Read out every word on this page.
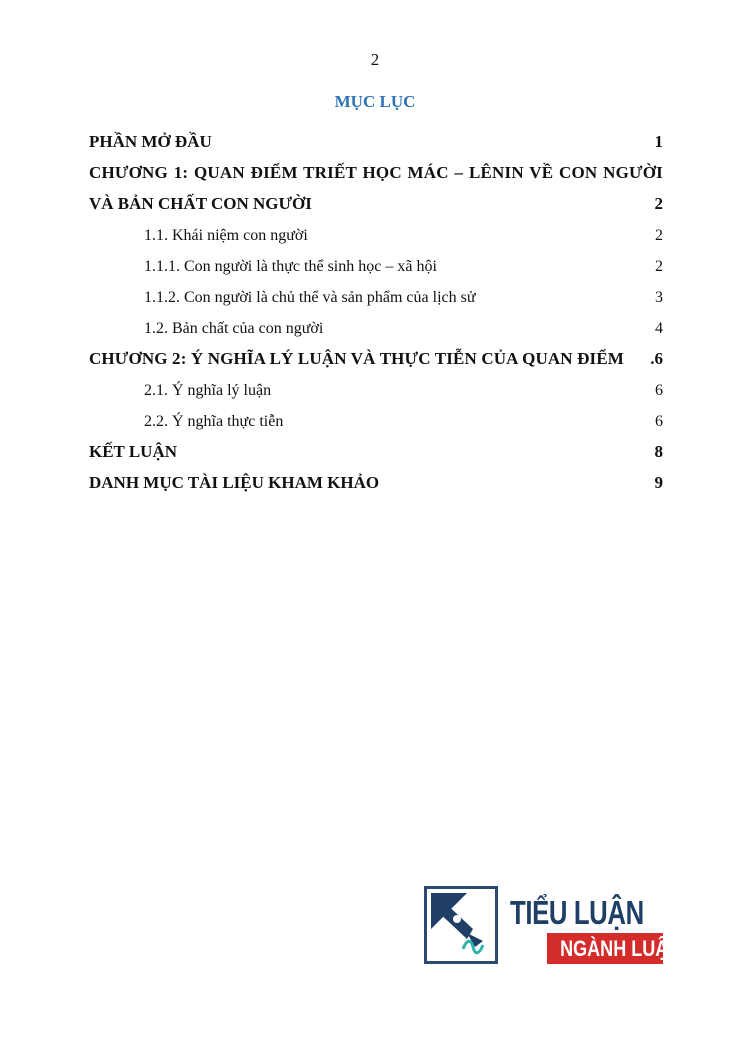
2
MỤC LỤC
PHẦN MỞ ĐẦU	1
CHƯƠNG 1: QUAN ĐIỂM TRIẾT HỌC MÁC – LÊNIN VỀ CON NGƯỜI
VÀ BẢN CHẤT CON NGƯỜI	2
1.1. Khái niệm con người	2
1.1.1. Con người là thực thể sinh học – xã hội	2
1.1.2. Con người là chủ thể và sản phẩm của lịch sử	3
1.2. Bản chất của con người	4
CHƯƠNG 2: Ý NGHĨA LÝ LUẬN VÀ THỰC TIỄN CỦA QUAN ĐIỂM .6
2.1. Ý nghĩa lý luận	6
2.2. Ý nghĩa thực tiễn	6
KẾT LUẬN	8
DANH MỤC TÀI LIỆU KHAM KHẢO	9
TIỂU LUẬN
NGÀNH LUẬT
